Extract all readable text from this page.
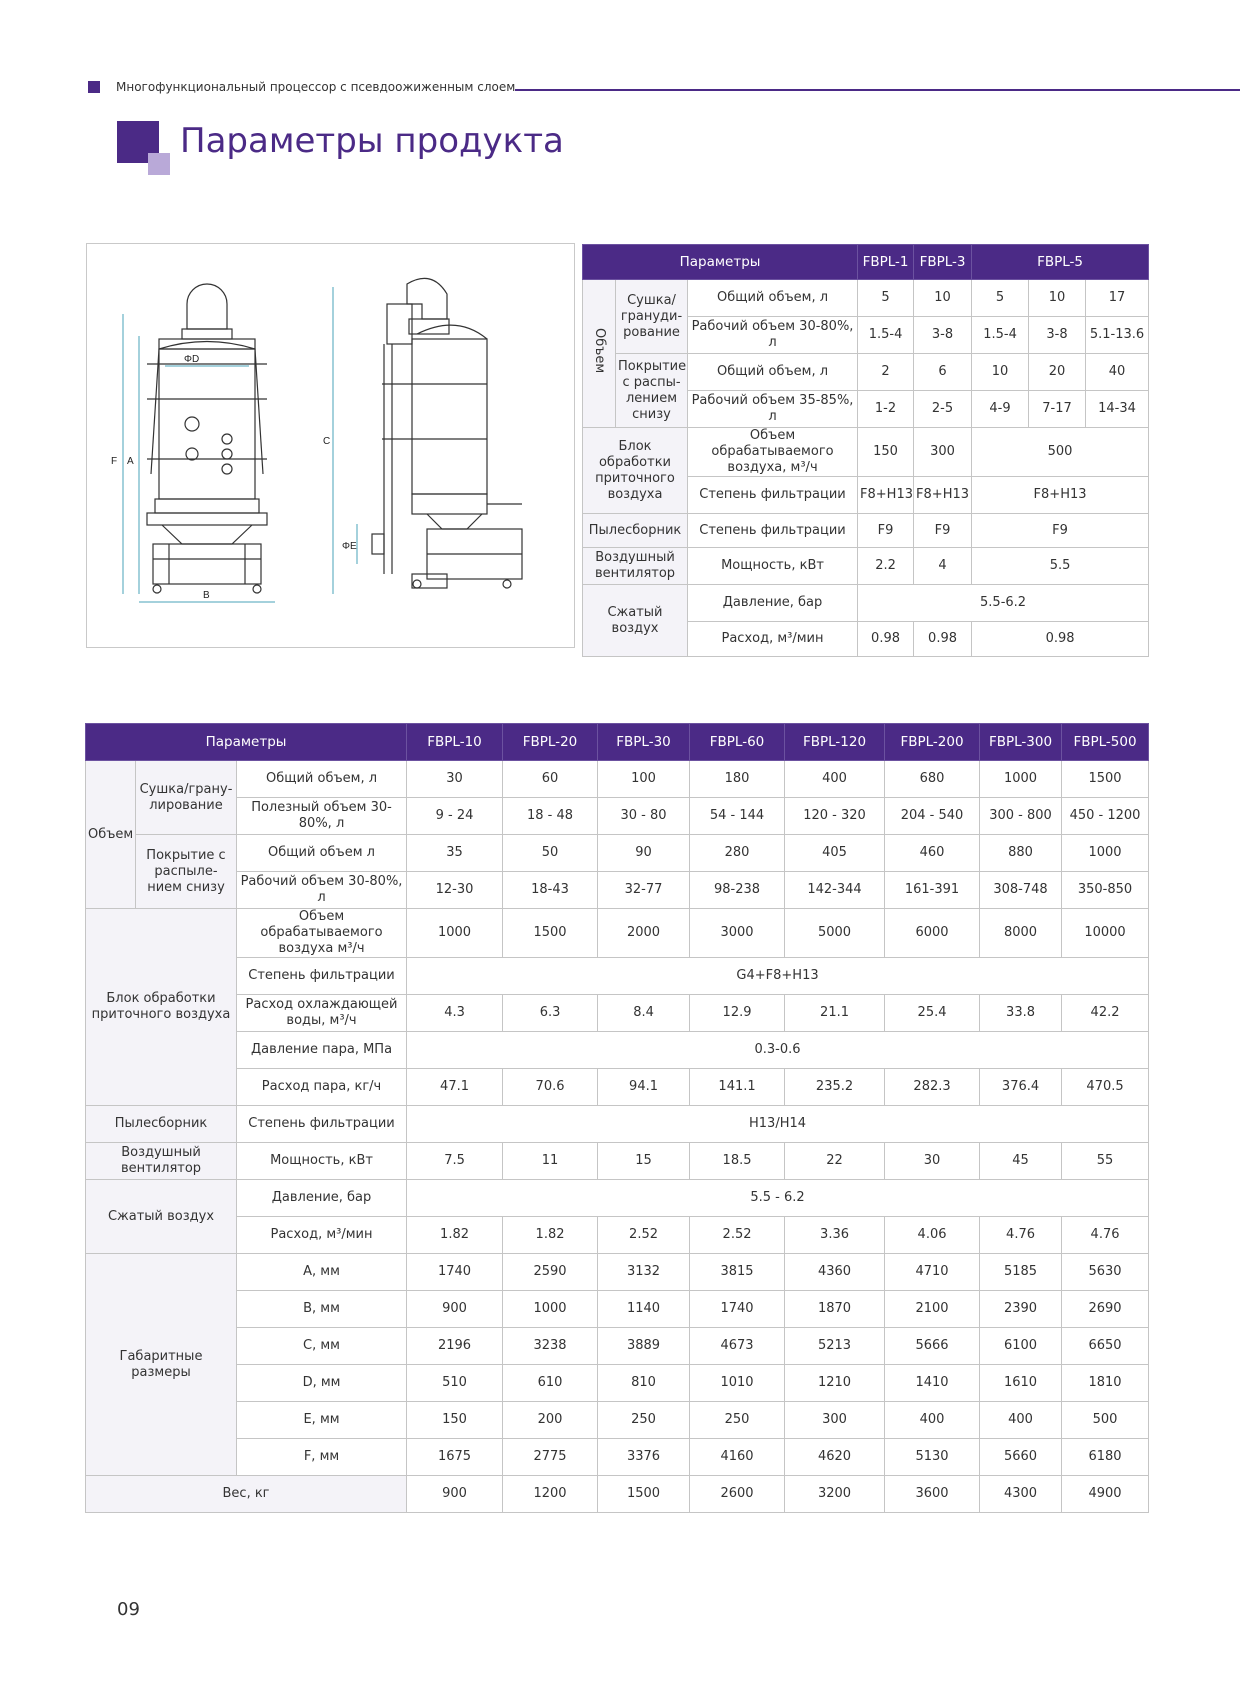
Многофункциональный процессор с псевдоожиженным слоем
Параметры продукта
ΦD
F A
B
C
ΦE
Параметры			FBPL-1	FBPL-3	FBPL-5		
Объем	Сушка/ грануди-рование	Общий объем, л	5	10	5	10	17
		Рабочий объем 30-80%, л	1.5-4	3-8	1.5-4	3-8	5.1-13.6
	Покрытие с распы-лением снизу	Общий объем, л	2	6	10	20	40
		Рабочий объем 35-85%, л	1-2	2-5	4-9	7-17	14-34
Блок обработки приточного воздуха		Объем обрабатываемого воздуха, м³/ч	150	300	500		
		Степень фильтрации	F8+H13	F8+H13	F8+H13		
Пылесборник		Степень фильтрации	F9	F9	F9		
Воздушный вентилятор		Мощность, кВт	2.2	4	5.5		
Сжатый воздух		Давление, бар	5.5-6.2				
		Расход, м³/мин	0.98	0.98	0.98		
Параметры			FBPL-10	FBPL-20	FBPL-30	FBPL-60	FBPL-120	FBPL-200	FBPL-300	FBPL-500
Объем	Сушка/грану-лирование	Общий объем, л	30	60	100	180	400	680	1000	1500
		Полезный объем 30-80%, л	9 - 24	18 - 48	30 - 80	54 - 144	120 - 320	204 - 540	300 - 800	450 - 1200
	Покрытие с распыле-нием снизу	Общий объем л	35	50	90	280	405	460	880	1000
		Рабочий объем 30-80%, л	12-30	18-43	32-77	98-238	142-344	161-391	308-748	350-850
Блок обработки приточного воздуха		Объем обрабатываемого воздуха м³/ч	1000	1500	2000	3000	5000	6000	8000	10000
		Степень фильтрации	G4+F8+H13							
		Расход охлаждающей воды, м³/ч	4.3	6.3	8.4	12.9	21.1	25.4	33.8	42.2
		Давление пара, МПа	0.3-0.6							
		Расход пара, кг/ч	47.1	70.6	94.1	141.1	235.2	282.3	376.4	470.5
Пылесборник		Степень фильтрации	H13/H14							
Воздушный вентилятор		Мощность, кВт	7.5	11	15	18.5	22	30	45	55
Сжатый воздух		Давление, бар	5.5 - 6.2							
		Расход, м³/мин	1.82	1.82	2.52	2.52	3.36	4.06	4.76	4.76
Габаритные размеры		A, мм	1740	2590	3132	3815	4360	4710	5185	5630
		B, мм	900	1000	1140	1740	1870	2100	2390	2690
		C, мм	2196	3238	3889	4673	5213	5666	6100	6650
		D, мм	510	610	810	1010	1210	1410	1610	1810
		E, мм	150	200	250	250	300	400	400	500
		F, мм	1675	2775	3376	4160	4620	5130	5660	6180
Вес, кг			900	1200	1500	2600	3200	3600	4300	4900
09
